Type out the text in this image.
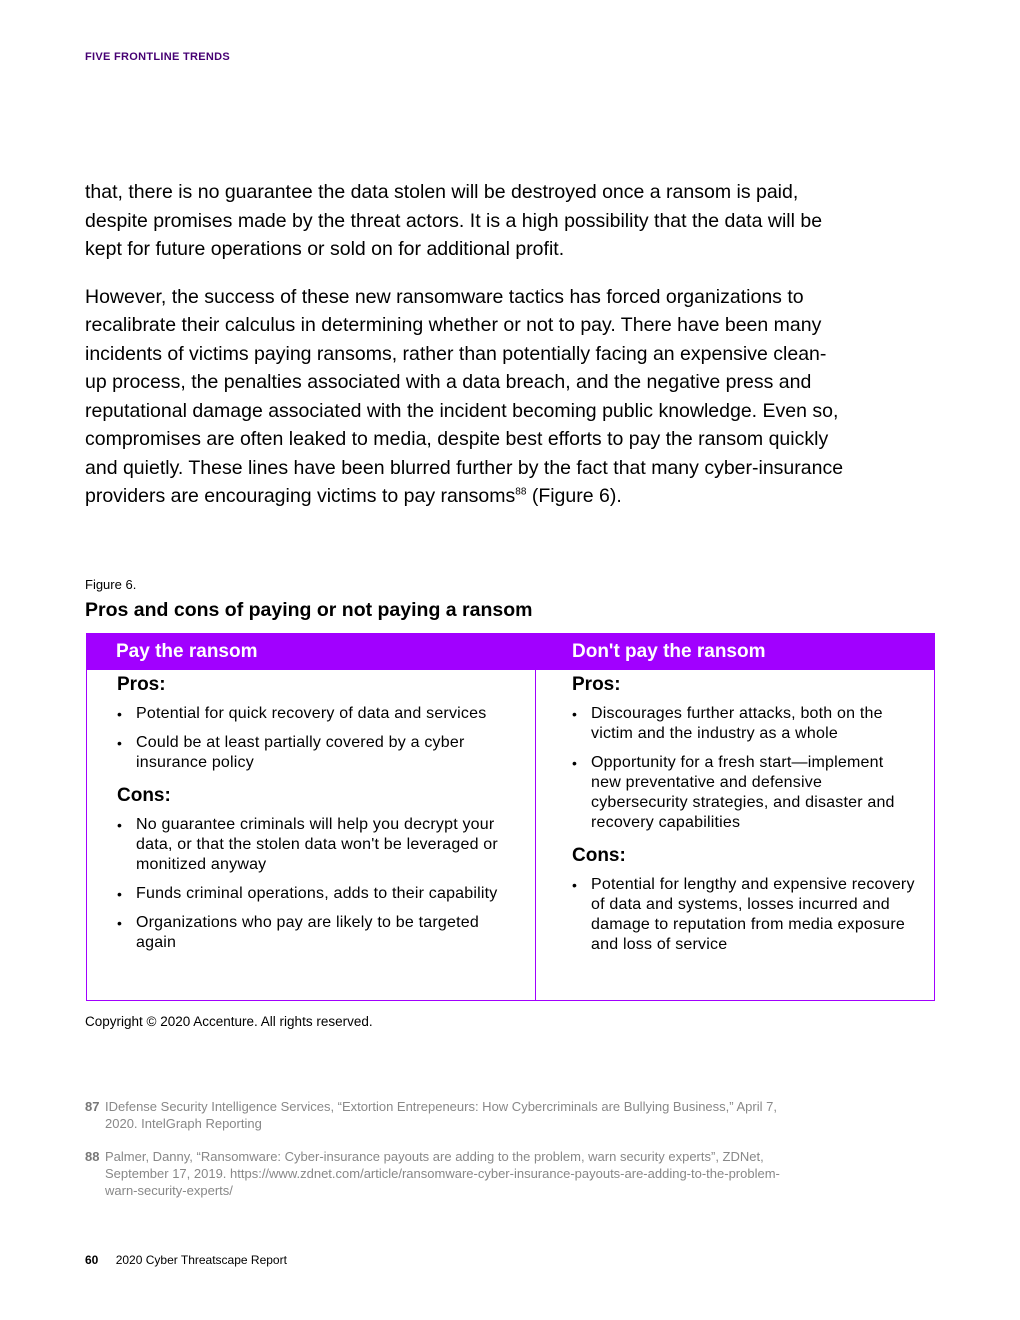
FIVE FRONTLINE TRENDS

that, there is no guarantee the data stolen will be destroyed once a ransom is paid, despite promises made by the threat actors. It is a high possibility that the data will be kept for future operations or sold on for additional profit.

However, the success of these new ransomware tactics has forced organizations to recalibrate their calculus in determining whether or not to pay. There have been many incidents of victims paying ransoms, rather than potentially facing an expensive clean-up process, the penalties associated with a data breach, and the negative press and reputational damage associated with the incident becoming public knowledge. Even so, compromises are often leaked to media, despite best efforts to pay the ransom quickly and quietly. These lines have been blurred further by the fact that many cyber-insurance providers are encouraging victims to pay ransoms$^{88}$ (Figure 6).

Figure 6.
Pros and cons of paying or not paying a ransom
Pay the ransom	Don't pay the ransom
Pros:
• Potential for quick recovery of data and services
• Could be at least partially covered by a cyber insurance policy
Cons:
• No guarantee criminals will help you decrypt your data, or that the stolen data won't be leveraged or monitized anyway
• Funds criminal operations, adds to their capability
• Organizations who pay are likely to be targeted again
Pros:
• Discourages further attacks, both on the victim and the industry as a whole
• Opportunity for a fresh start—implement new preventative and defensive cybersecurity strategies, and disaster and recovery capabilities
Cons:
• Potential for lengthy and expensive recovery of data and systems, losses incurred and damage to reputation from media exposure and loss of service
Copyright © 2020 Accenture. All rights reserved.
87 IDefense Security Intelligence Services, “Extortion Entrepeneurs: How Cybercriminals are Bullying Business,” April 7, 2020. IntelGraph Reporting
88 Palmer, Danny, “Ransomware: Cyber-insurance payouts are adding to the problem, warn security experts”, ZDNet, September 17, 2019. https://www.zdnet.com/article/ransomware-cyber-insurance-payouts-are-adding-to-the-problem-warn-security-experts/
60 2020 Cyber Threatscape Report
